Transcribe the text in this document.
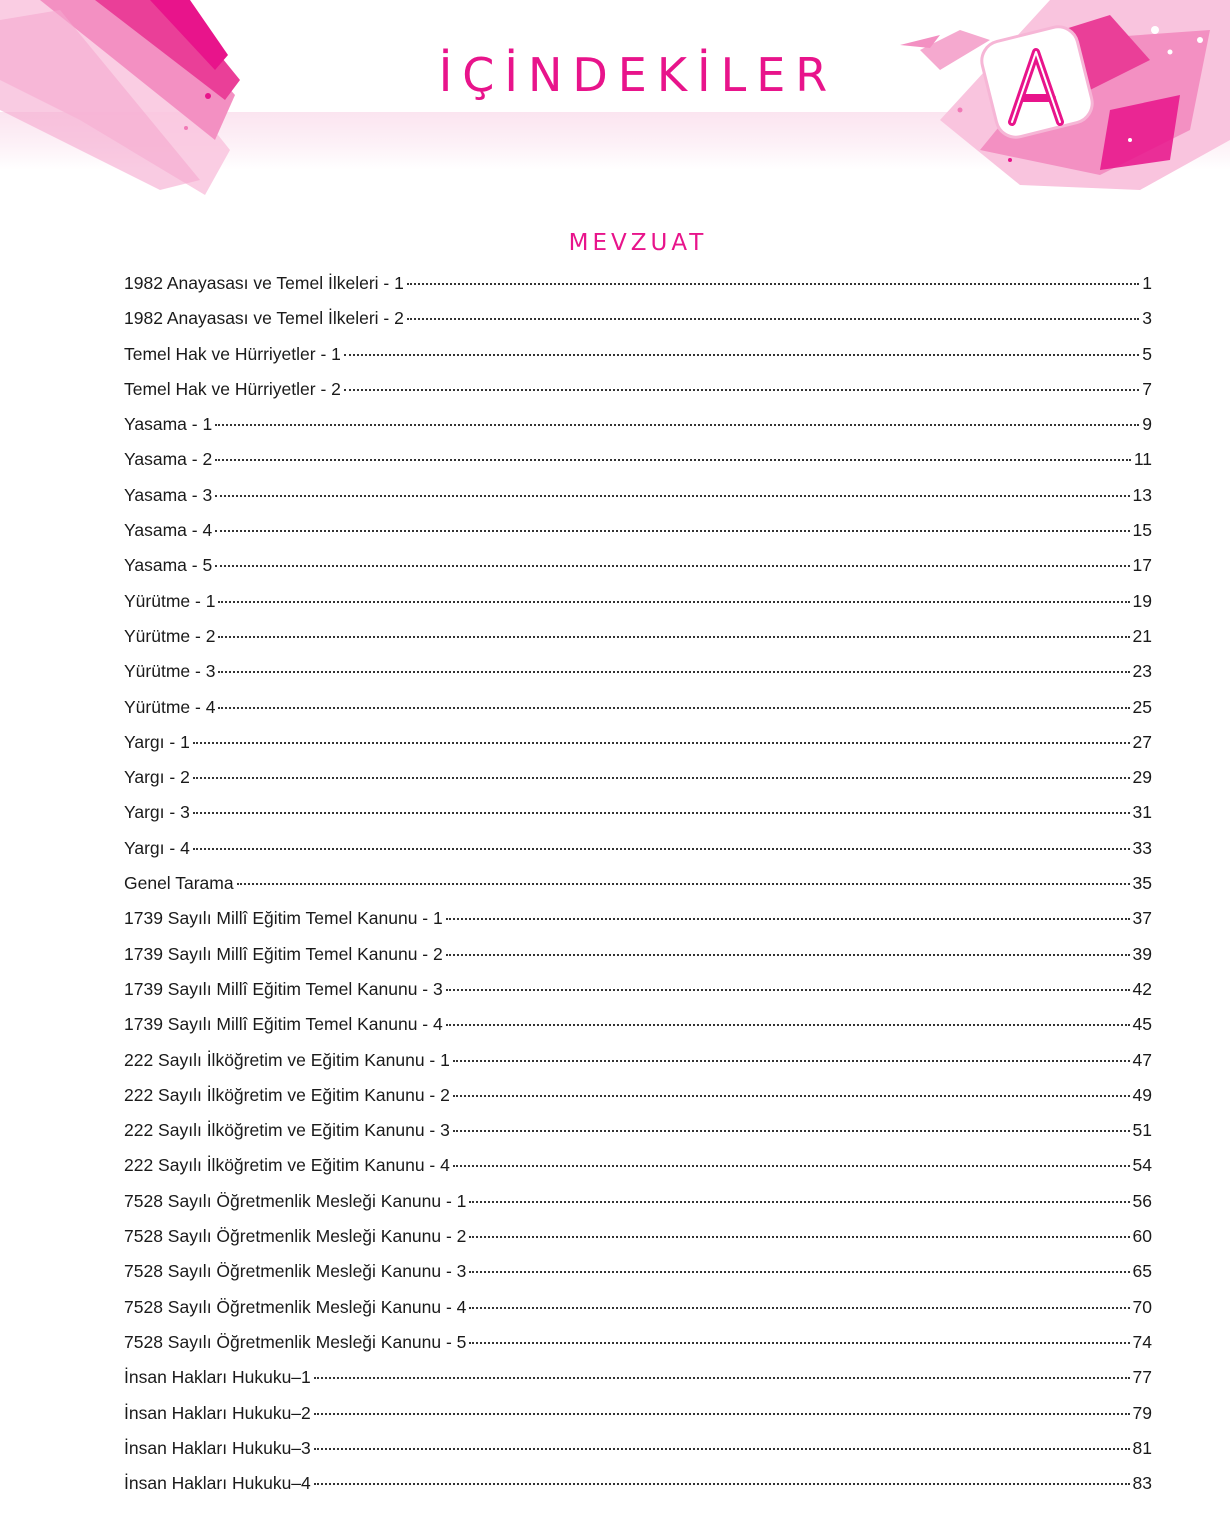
İÇİNDEKİLER
MEVZUAT
1982 Anayasası ve Temel İlkeleri - 1	1
1982 Anayasası ve Temel İlkeleri - 2	3
Temel Hak ve Hürriyetler - 1	5
Temel Hak ve Hürriyetler - 2	7
Yasama - 1	9
Yasama - 2	11
Yasama - 3	13
Yasama - 4	15
Yasama - 5	17
Yürütme - 1	19
Yürütme - 2	21
Yürütme - 3	23
Yürütme - 4	25
Yargı - 1	27
Yargı - 2	29
Yargı - 3	31
Yargı - 4	33
Genel Tarama	35
1739 Sayılı Millî Eğitim Temel Kanunu - 1	37
1739 Sayılı Millî Eğitim Temel Kanunu - 2	39
1739 Sayılı Millî Eğitim Temel Kanunu - 3	42
1739 Sayılı Millî Eğitim Temel Kanunu - 4	45
222 Sayılı İlköğretim ve Eğitim Kanunu - 1	47
222 Sayılı İlköğretim ve Eğitim Kanunu - 2	49
222 Sayılı İlköğretim ve Eğitim Kanunu - 3	51
222 Sayılı İlköğretim ve Eğitim Kanunu - 4	54
7528 Sayılı Öğretmenlik Mesleği Kanunu - 1	56
7528 Sayılı Öğretmenlik Mesleği Kanunu - 2	60
7528 Sayılı Öğretmenlik Mesleği Kanunu - 3	65
7528 Sayılı Öğretmenlik Mesleği Kanunu - 4	70
7528 Sayılı Öğretmenlik Mesleği Kanunu - 5	74
İnsan Hakları Hukuku–1	77
İnsan Hakları Hukuku–2	79
İnsan Hakları Hukuku–3	81
İnsan Hakları Hukuku–4	83
